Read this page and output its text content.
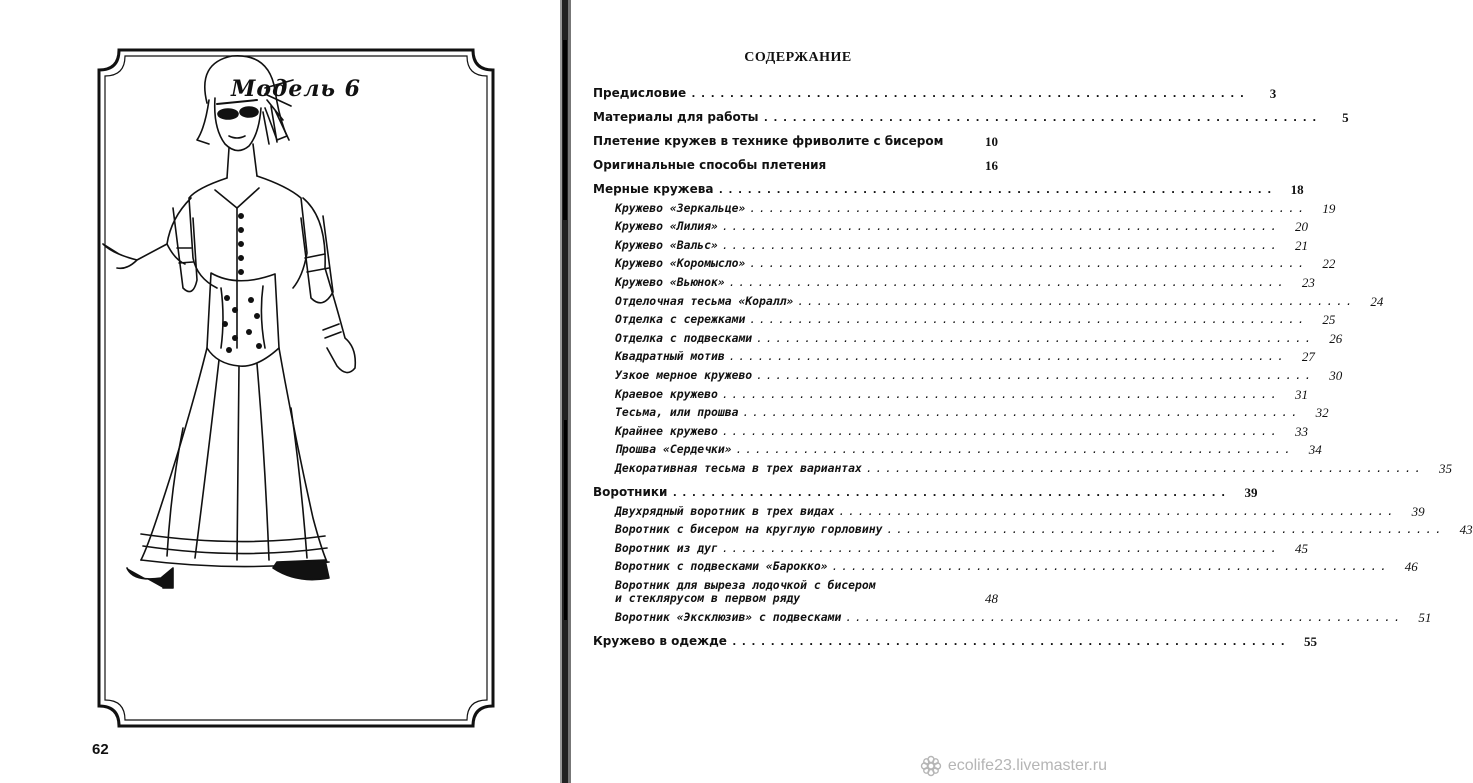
Модель 6
62
СОДЕРЖАНИЕ
Предисловие ..........................................................	3
Материалы для работы ..........................................................	5
Плетение кружев в технике фриволите с бисером	10
Оригинальные способы плетения	16
Мерные кружева ..........................................................	18
Кружево «Зеркальце» ..........................................................	19
Кружево «Лилия» ..........................................................	20
Кружево «Вальс» ..........................................................	21
Кружево «Коромысло» ..........................................................	22
Кружево «Вьюнок» ..........................................................	23
Отделочная тесьма «Коралл» ..........................................................	24
Отделка с сережками ..........................................................	25
Отделка с подвесками ..........................................................	26
Квадратный мотив ..........................................................	27
Узкое мерное кружево ..........................................................	30
Краевое кружево ..........................................................	31
Тесьма, или прошва ..........................................................	32
Крайнее кружево ..........................................................	33
Прошва «Сердечки» ..........................................................	34
Декоративная тесьма в трех вариантах ..........................................................	35
Воротники ..........................................................	39
Двухрядный воротник в трех видах ..........................................................	39
Воротник с бисером на круглую горловину ..........................................................	43
Воротник из дуг ..........................................................	45
Воротник с подвесками «Барокко» ..........................................................	46
Воротник для выреза лодочкой с бисером
и стеклярусом в первом ряду	48
Воротник «Эксклюзив» с подвесками ..........................................................	51
Кружево в одежде ..........................................................	55
ecolife23.livemaster.ru
